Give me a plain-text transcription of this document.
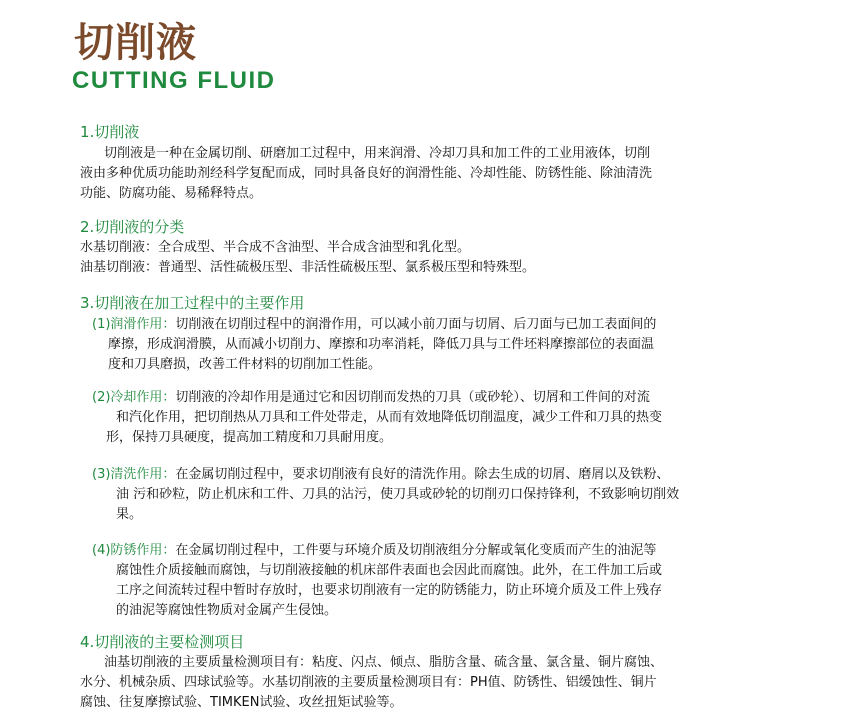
切削液
CUTTING FLUID
1.切削液
切削液是一种在金属切削、研磨加工过程中，用来润滑、冷却刀具和加工件的工业用液体，切削
液由多种优质功能助剂经科学复配而成，同时具备良好的润滑性能、冷却性能、防锈性能、除油清洗
功能、防腐功能、易稀释特点。
2.切削液的分类
水基切削液：全合成型、半合成不含油型、半合成含油型和乳化型。
油基切削液：普通型、活性硫极压型、非活性硫极压型、氯系极压型和特殊型。
3.切削液在加工过程中的主要作用
(1)润滑作用：切削液在切削过程中的润滑作用，可以减小前刀面与切屑、后刀面与已加工表面间的
摩擦，形成润滑膜，从而减小切削力、摩擦和功率消耗，降低刀具与工件坯料摩擦部位的表面温
度和刀具磨损，改善工件材料的切削加工性能。
(2)冷却作用：切削液的冷却作用是通过它和因切削而发热的刀具（或砂轮）、切屑和工件间的对流
和汽化作用，把切削热从刀具和工件处带走，从而有效地降低切削温度，减少工件和刀具的热变
形，保持刀具硬度，提高加工精度和刀具耐用度。
(3)清洗作用：在金属切削过程中，要求切削液有良好的清洗作用。除去生成的切屑、磨屑以及铁粉、
油 污和砂粒，防止机床和工件、刀具的沾污，使刀具或砂轮的切削刃口保持锋利，不致影响切削效
果。
(4)防锈作用：在金属切削过程中，工件要与环境介质及切削液组分分解或氧化变质而产生的油泥等
腐蚀性介质接触而腐蚀，与切削液接触的机床部件表面也会因此而腐蚀。此外，在工件加工后或
工序之间流转过程中暂时存放时，也要求切削液有一定的防锈能力，防止环境介质及工件上残存
的油泥等腐蚀性物质对金属产生侵蚀。
4.切削液的主要检测项目
油基切削液的主要质量检测项目有：粘度、闪点、倾点、脂肪含量、硫含量、氯含量、铜片腐蚀、
水分、机械杂质、四球试验等。水基切削液的主要质量检测项目有：PH值、防锈性、铝缓蚀性、铜片
腐蚀、往复摩擦试验、TIMKEN试验、攻丝扭矩试验等。
